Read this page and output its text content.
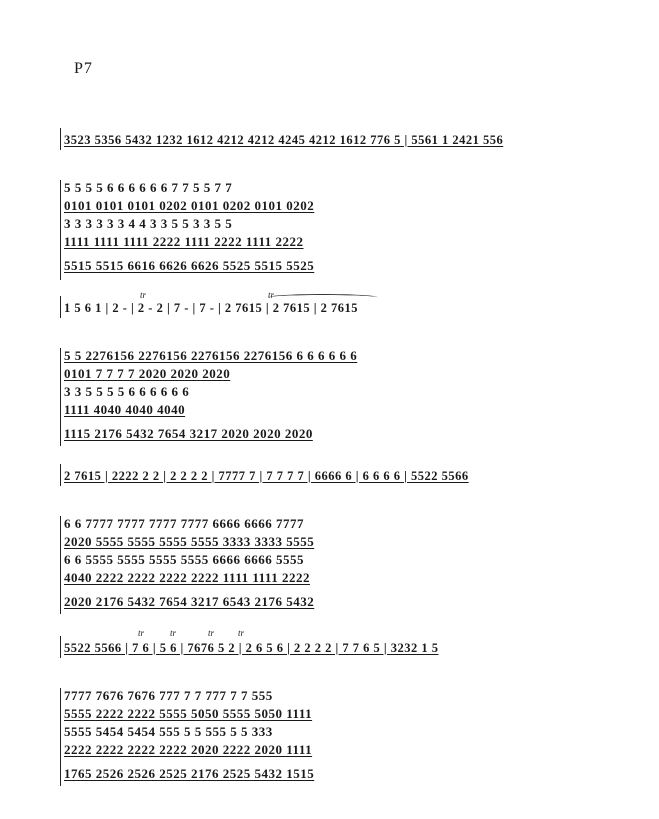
P7
3523 5356 5432 1232 1612 4212 4212 4245 4212 1612 776 5 | 5561 1 2421 556
5 5 5 5 6 6 6 6 6 6 7 7 5 5 7 7
0101 0101 0101 0202 0101 0202 0101 0202
3 3 3 3 3 3 4 4 3 3 5 5 3 3 5 5
1111 1111 1111 2222 1111 2222 1111 2222
5515 5515 6616 6626 6626 5525 5515 5525
tr	tr
1 5 6 1 | 2 - | 2 - 2 | 7 - | 7 - | 2 7615 | 2 7615 | 2 7615
5 5 2276156 2276156 2276156 2276156 6 6 6 6 6 6
0101 7 7 7 7 2020 2020 2020
3 3 5 5 5 5 6 6 6 6 6 6
1111 4040 4040 4040
1115 2176 5432 7654 3217 2020 2020 2020
2 7615 | 2222 2 2 | 2 2 2 2 | 7777 7 | 7 7 7 7 | 6666 6 | 6 6 6 6 | 5522 5566
6 6 7777 7777 7777 7777 6666 6666 7777
2020 5555 5555 5555 5555 3333 3333 5555
6 6 5555 5555 5555 5555 6666 6666 5555
4040 2222 2222 2222 2222 1111 1111 2222
2020 2176 5432 7654 3217 6543 2176 5432
tr	tr	tr	tr
5522 5566 | 7 6 | 5 6 | 7676 5 2 | 2 6 5 6 | 2 2 2 2 | 7 7 6 5 | 3232 1 5
7777 7676 7676 777 7 7 777 7 7 555
5555 2222 2222 5555 5050 5555 5050 1111
5555 5454 5454 555 5 5 555 5 5 333
2222 2222 2222 2222 2020 2222 2020 1111
1765 2526 2526 2525 2176 2525 5432 1515
